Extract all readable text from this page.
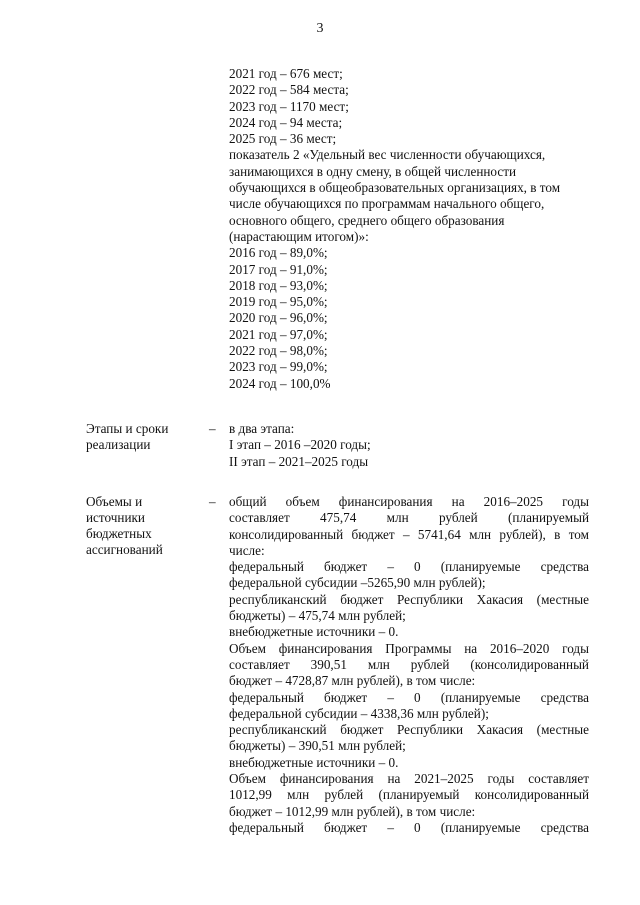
3
2021 год – 676 мест;
2022 год – 584 места;
2023 год – 1170 мест;
2024 год – 94 места;
2025 год – 36 мест;
показатель 2 «Удельный вес численности обучающихся,
занимающихся в одну смену, в общей численности
обучающихся в общеобразовательных организациях, в том
числе обучающихся по программам начального общего,
основного общего, среднего общего образования
(нарастающим итогом)»:
2016 год – 89,0%;
2017 год – 91,0%;
2018 год – 93,0%;
2019 год – 95,0%;
2020 год – 96,0%;
2021 год – 97,0%;
2022 год – 98,0%;
2023 год – 99,0%;
2024 год – 100,0%
Этапы и сроки
реализации
–	в два этапа:
I этап – 2016 –2020 годы;
II этап – 2021–2025 годы
Объемы и
источники
бюджетных
ассигнований
–	общий объем финансирования на 2016–2025 годы
составляет 475,74 млн рублей (планируемый
консолидированный бюджет – 5741,64 млн рублей), в том
числе:
федеральный бюджет – 0 (планируемые средства
федеральной субсидии –5265,90 млн рублей);
республиканский бюджет Республики Хакасия (местные
бюджеты) – 475,74 млн рублей;
внебюджетные источники – 0.
Объем финансирования Программы на 2016–2020 годы
составляет 390,51 млн рублей (консолидированный
бюджет – 4728,87 млн рублей), в том числе:
федеральный бюджет – 0 (планируемые средства
федеральной субсидии – 4338,36 млн рублей);
республиканский бюджет Республики Хакасия (местные
бюджеты) – 390,51 млн рублей;
внебюджетные источники – 0.
Объем финансирования на 2021–2025 годы составляет
1012,99 млн рублей (планируемый консолидированный
бюджет – 1012,99 млн рублей), в том числе:
федеральный бюджет – 0 (планируемые средства
